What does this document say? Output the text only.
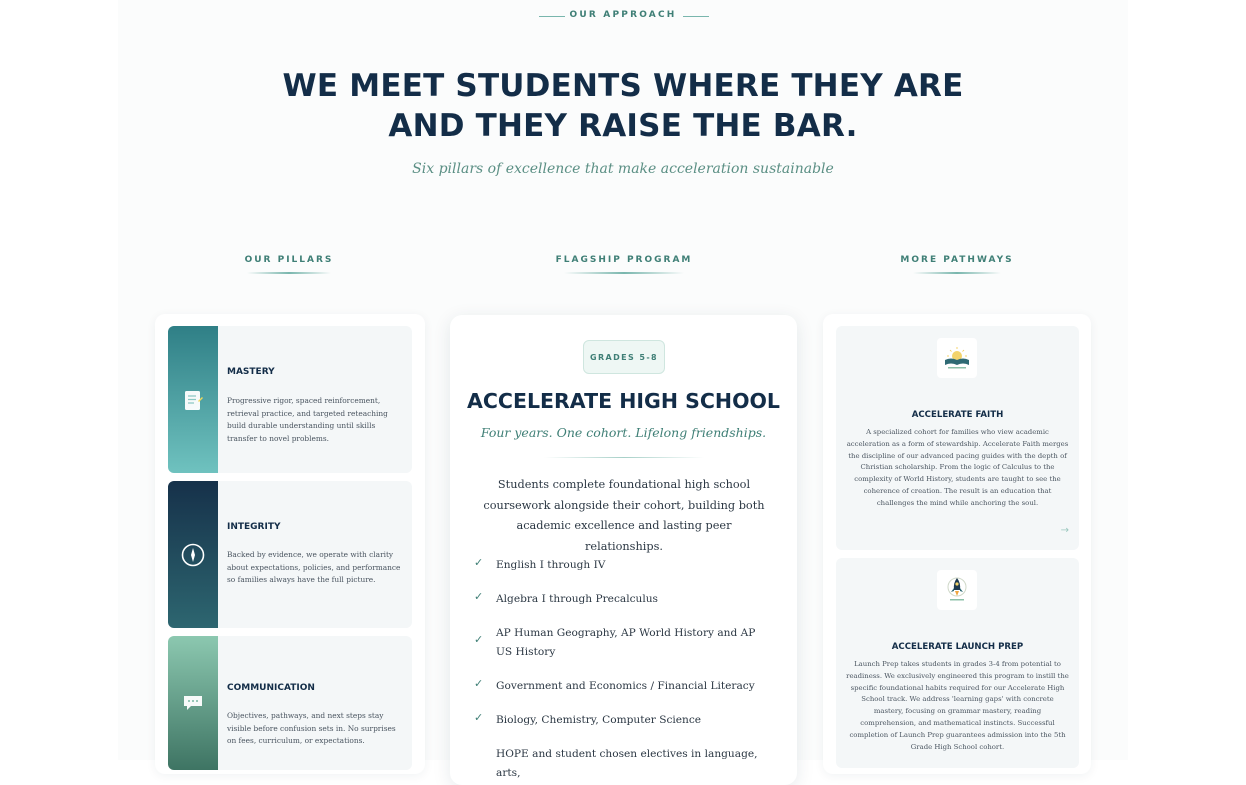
OUR APPROACH
WE MEET STUDENTS WHERE THEY ARE
AND THEY RAISE THE BAR.
Six pillars of excellence that make acceleration sustainable
OUR PILLARS	FLAGSHIP PROGRAM	MORE PATHWAYS
MASTERY
Progressive rigor, spaced reinforcement, retrieval practice, and targeted reteaching build durable understanding until skills transfer to novel problems.
INTEGRITY
Backed by evidence, we operate with clarity about expectations, policies, and performance so families always have the full picture.
COMMUNICATION
Objectives, pathways, and next steps stay visible before confusion sets in. No surprises on fees, curriculum, or expectations.
GRADES 5-8
ACCELERATE HIGH SCHOOL
Four years. One cohort. Lifelong friendships.
Students complete foundational high school coursework alongside their cohort, building both academic excellence and lasting peer relationships.
✓ English I through IV
✓ Algebra I through Precalculus
✓ AP Human Geography, AP World History and AP US History
✓ Government and Economics / Financial Literacy
✓ Biology, Chemistry, Computer Science
HOPE and student chosen electives in language, arts,
ACCELERATE FAITH
A specialized cohort for families who view academic acceleration as a form of stewardship. Accelerate Faith merges the discipline of our advanced pacing guides with the depth of Christian scholarship. From the logic of Calculus to the complexity of World History, students are taught to see the coherence of creation. The result is an education that challenges the mind while anchoring the soul.
→
ACCELERATE LAUNCH PREP
Launch Prep takes students in grades 3-4 from potential to readiness. We exclusively engineered this program to instill the specific foundational habits required for our Accelerate High School track. We address 'learning gaps' with concrete mastery, focusing on grammar mastery, reading comprehension, and mathematical instincts. Successful completion of Launch Prep guarantees admission into the 5th Grade High School cohort.
